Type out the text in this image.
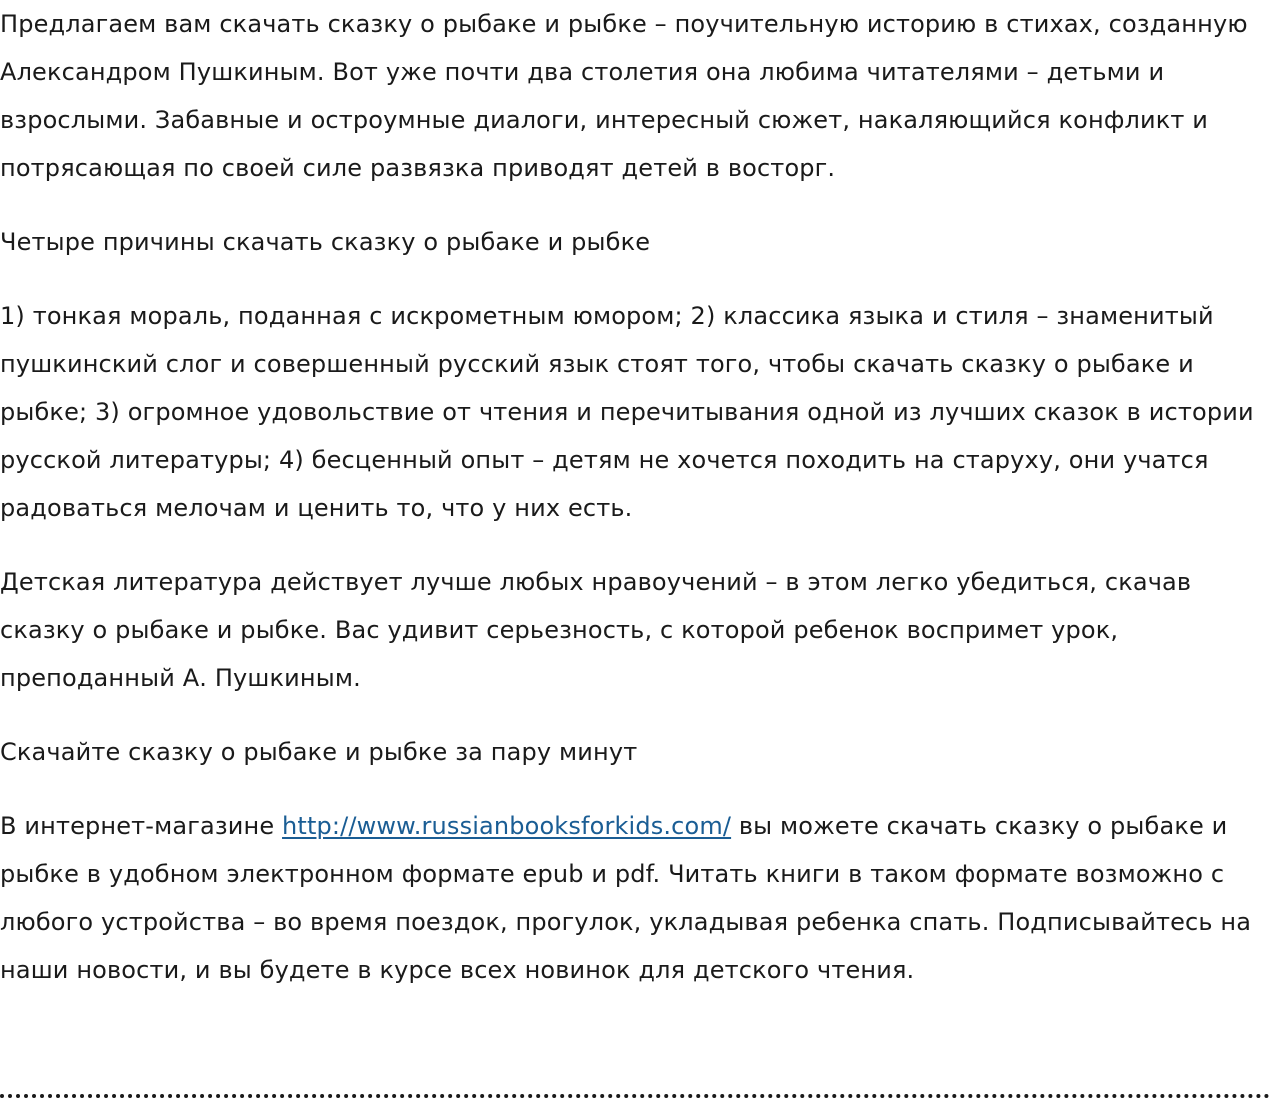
Предлагаем вам скачать сказку о рыбаке и рыбке – поучительную историю в стихах, созданную Александром Пушкиным. Вот уже почти два столетия она любима читателями – детьми и взрослыми. Забавные и остроумные диалоги, интересный сюжет, накаляющийся конфликт и потрясающая по своей силе развязка приводят детей в восторг.

Четыре причины скачать сказку о рыбаке и рыбке

1) тонкая мораль, поданная с искрометным юмором; 2) классика языка и стиля – знаменитый пушкинский слог и совершенный русский язык стоят того, чтобы скачать сказку о рыбаке и рыбке; 3) огромное удовольствие от чтения и перечитывания одной из лучших сказок в истории русской литературы; 4) бесценный опыт – детям не хочется походить на старуху, они учатся радоваться мелочам и ценить то, что у них есть.

Детская литература действует лучше любых нравоучений – в этом легко убедиться, скачав сказку о рыбаке и рыбке. Вас удивит серьезность, с которой ребенок воспримет урок, преподанный А. Пушкиным.

Скачайте сказку о рыбаке и рыбке за пару минут

В интернет-магазине http://www.russianbooksforkids.com/ вы можете скачать сказку о рыбаке и рыбке в удобном электронном формате epub и pdf. Читать книги в таком формате возможно с любого устройства – во время поездок, прогулок, укладывая ребенка спать. Подписывайтесь на наши новости, и вы будете в курсе всех новинок для детского чтения.
